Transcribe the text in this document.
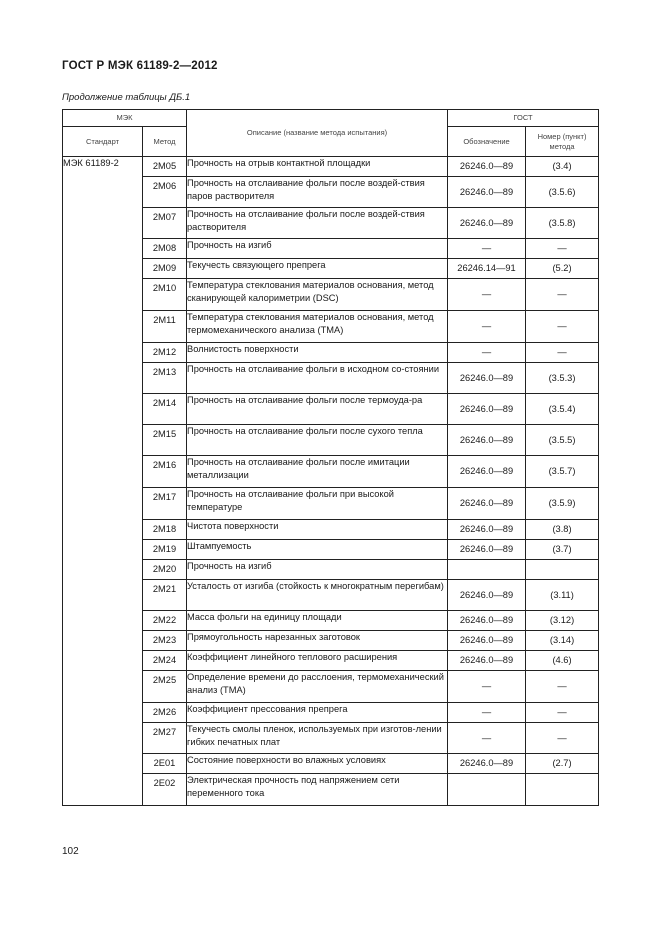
ГОСТ Р МЭК 61189-2—2012
Продолжение таблицы ДБ.1
МЭК		Описание (название метода испытания)	ГОСТ	
Стандарт	Метод		Обозначение	Номер (пункт) метода
МЭК 61189-2	2M05	Прочность на отрыв контактной площадки	26246.0—89	(3.4)
	2M06	Прочность на отслаивание фольги после воздей-ствия паров растворителя	26246.0—89	(3.5.6)
	2M07	Прочность на отслаивание фольги после воздей-ствия растворителя	26246.0—89	(3.5.8)
	2M08	Прочность на изгиб	—	—
	2M09	Текучесть связующего препрега	26246.14—91	(5.2)
	2M10	Температура стеклования материалов основания, метод сканирующей калориметрии (DSC)	—	—
	2M11	Температура стеклования материалов основания, метод термомеханического анализа (ТМА)	—	—
	2M12	Волнистость поверхности	—	—
	2M13	Прочность на отслаивание фольги в исходном со-стоянии	26246.0—89	(3.5.3)
	2M14	Прочность на отслаивание фольги после термоуда-ра	26246.0—89	(3.5.4)
	2M15	Прочность на отслаивание фольги после сухого тепла	26246.0—89	(3.5.5)
	2M16	Прочность на отслаивание фольги после имитации металлизации	26246.0—89	(3.5.7)
	2M17	Прочность на отслаивание фольги при высокой температуре	26246.0—89	(3.5.9)
	2M18	Чистота поверхности	26246.0—89	(3.8)
	2M19	Штампуемость	26246.0—89	(3.7)
	2M20	Прочность на изгиб		
	2M21	Усталость от изгиба (стойкость к многократным перегибам)	26246.0—89	(3.11)
	2M22	Масса фольги на единицу площади	26246.0—89	(3.12)
	2M23	Прямоугольность нарезанных заготовок	26246.0—89	(3.14)
	2M24	Коэффициент линейного теплового расширения	26246.0—89	(4.6)
	2M25	Определение времени до расслоения, термомеханический анализ (ТМА)	—	—
	2M26	Коэффициент прессования препрега	—	—
	2M27	Текучесть смолы пленок, используемых при изготов-лении гибких печатных плат	—	—
	2E01	Состояние поверхности во влажных условиях	26246.0—89	(2.7)
	2E02	Электрическая прочность под напряжением сети переменного тока		
102
